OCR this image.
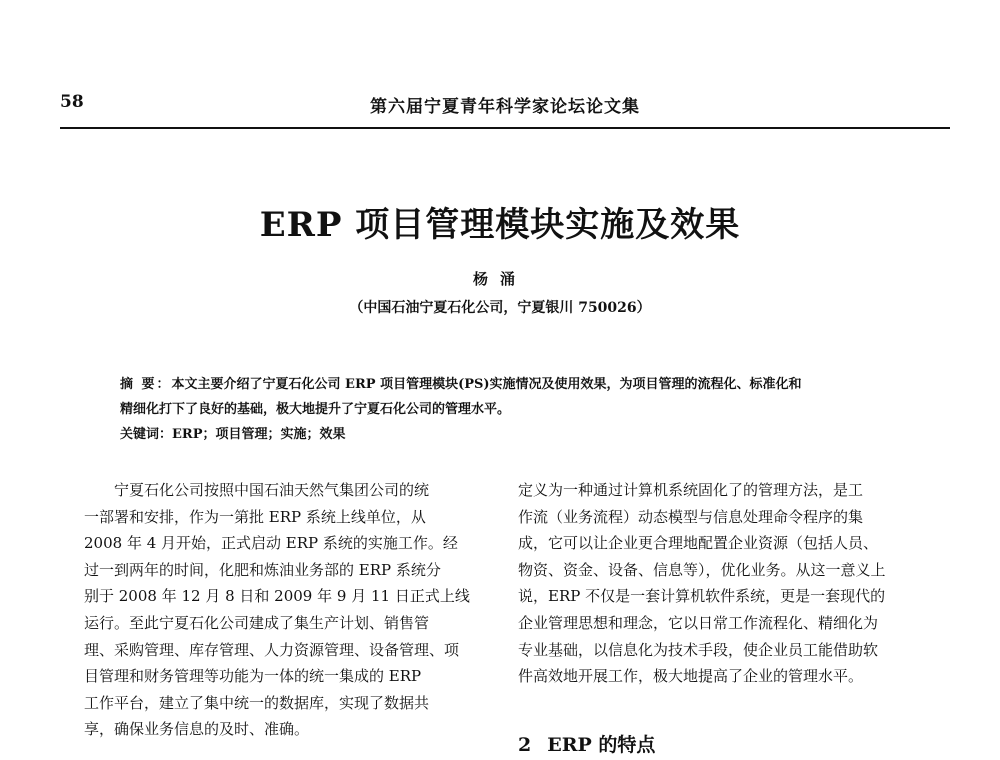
58	第六届宁夏青年科学家论坛论文集
ERP 项目管理模块实施及效果
杨涌
（中国石油宁夏石化公司，宁夏银川 750026）

摘 要：本文主要介绍了宁夏石化公司 ERP 项目管理模块(PS)实施情况及使用效果，为项目管理的流程化、标准化和

精细化打下了良好的基础，极大地提升了宁夏石化公司的管理水平。

关键词：ERP；项目管理；实施；效果

宁夏石化公司按照中国石油天然气集团公司的统
一部署和安排，作为一第批 ERP 系统上线单位，从
2008 年 4 月开始，正式启动 ERP 系统的实施工作。经
过一到两年的时间，化肥和炼油业务部的 ERP 系统分
别于 2008 年 12 月 8 日和 2009 年 9 月 11 日正式上线
运行。至此宁夏石化公司建成了集生产计划、销售管
理、采购管理、库存管理、人力资源管理、设备管理、项
目管理和财务管理等功能为一体的统一集成的 ERP
工作平台，建立了集中统一的数据库，实现了数据共
享，确保业务信息的及时、准确。
定义为一种通过计算机系统固化了的管理方法，是工
作流（业务流程）动态模型与信息处理命令程序的集
成，它可以让企业更合理地配置企业资源（包括人员、
物资、资金、设备、信息等），优化业务。从这一意义上
说，ERP 不仅是一套计算机软件系统，更是一套现代的
企业管理思想和理念，它以日常工作流程化、精细化为
专业基础，以信息化为技术手段，使企业员工能借助软
件高效地开展工作，极大地提高了企业的管理水平。
2 ERP 的特点
